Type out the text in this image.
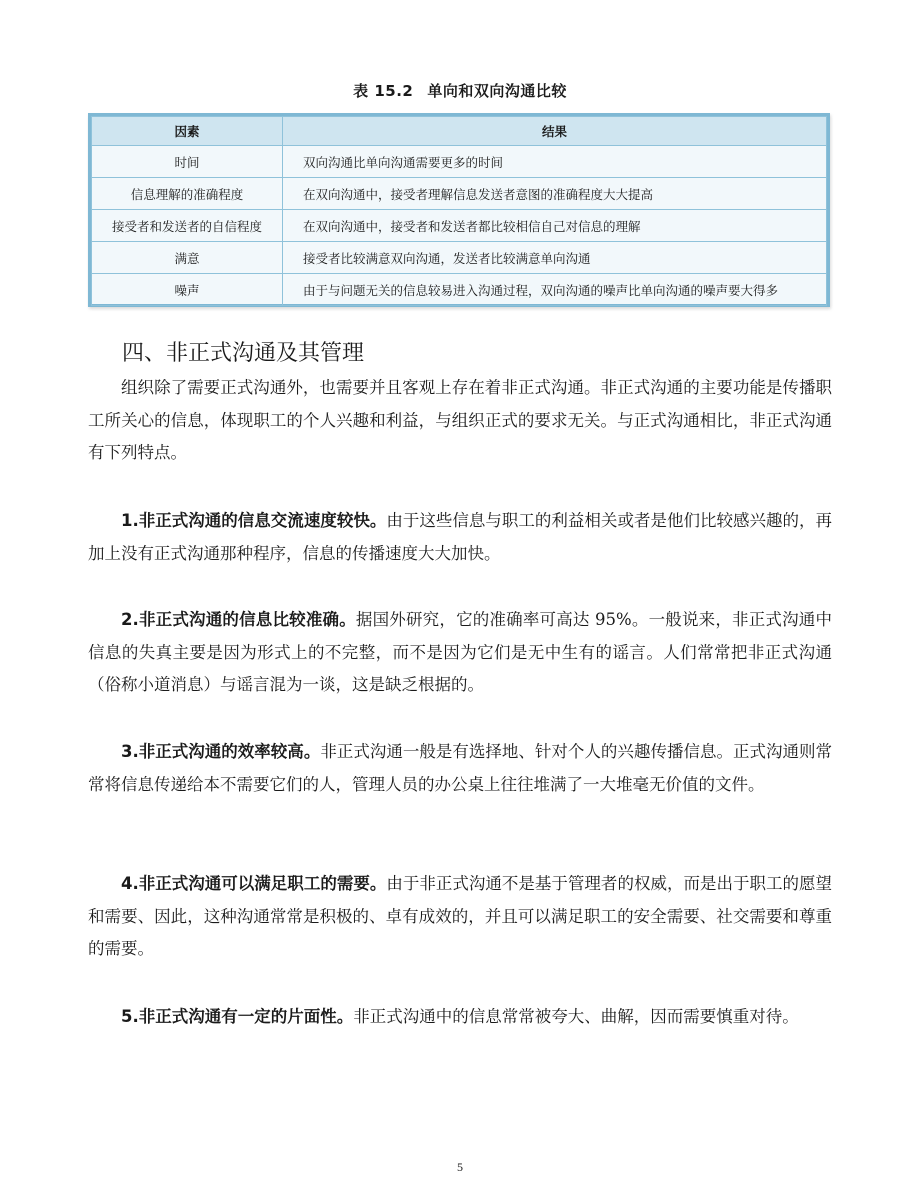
表 15.2 单向和双向沟通比较
因素	结果
时间	双向沟通比单向沟通需要更多的时间
信息理解的准确程度	在双向沟通中，接受者理解信息发送者意图的准确程度大大提高
接受者和发送者的自信程度	在双向沟通中，接受者和发送者都比较相信自己对信息的理解
满意	接受者比较满意双向沟通，发送者比较满意单向沟通
噪声	由于与问题无关的信息较易进入沟通过程，双向沟通的噪声比单向沟通的噪声要大得多
四、非正式沟通及其管理

组织除了需要正式沟通外，也需要并且客观上存在着非正式沟通。非正式沟通的主要功能是传播职工所关心的信息，体现职工的个人兴趣和利益，与组织正式的要求无关。与正式沟通相比，非正式沟通有下列特点。

1.非正式沟通的信息交流速度较快。由于这些信息与职工的利益相关或者是他们比较感兴趣的，再加上没有正式沟通那种程序，信息的传播速度大大加快。

2.非正式沟通的信息比较准确。据国外研究，它的准确率可高达 95%。一般说来，非正式沟通中信息的失真主要是因为形式上的不完整，而不是因为它们是无中生有的谣言。人们常常把非正式沟通（俗称小道消息）与谣言混为一谈，这是缺乏根据的。

3.非正式沟通的效率较高。非正式沟通一般是有选择地、针对个人的兴趣传播信息。正式沟通则常常将信息传递给本不需要它们的人，管理人员的办公桌上往往堆满了一大堆毫无价值的文件。

4.非正式沟通可以满足职工的需要。由于非正式沟通不是基于管理者的权威，而是出于职工的愿望和需要、因此，这种沟通常常是积极的、卓有成效的，并且可以满足职工的安全需要、社交需要和尊重的需要。

5.非正式沟通有一定的片面性。非正式沟通中的信息常常被夸大、曲解，因而需要慎重对待。

5
